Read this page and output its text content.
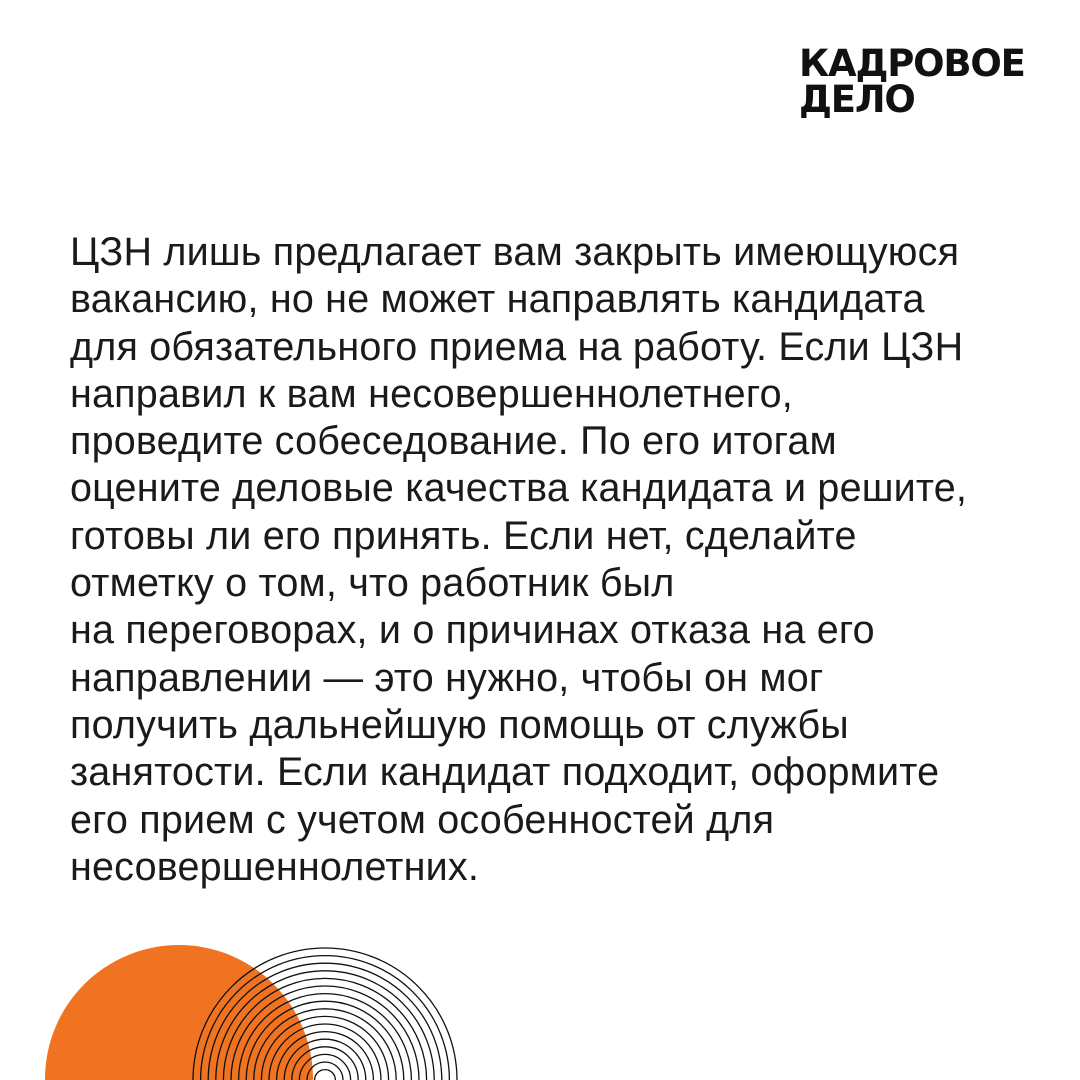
КАДРОВОЕ
ДЕЛО
ЦЗН лишь предлагает вам закрыть имеющуюся
вакансию, но не может направлять кандидата
для обязательного приема на работу. Если ЦЗН
направил к вам несовершеннолетнего,
проведите собеседование. По его итогам
оцените деловые качества кандидата и решите,
готовы ли его принять. Если нет, сделайте
отметку о том, что работник был
на переговорах, и о причинах отказа на его
направлении — это нужно, чтобы он мог
получить дальнейшую помощь от службы
занятости. Если кандидат подходит, оформите
его прием с учетом особенностей для
несовершеннолетних.
